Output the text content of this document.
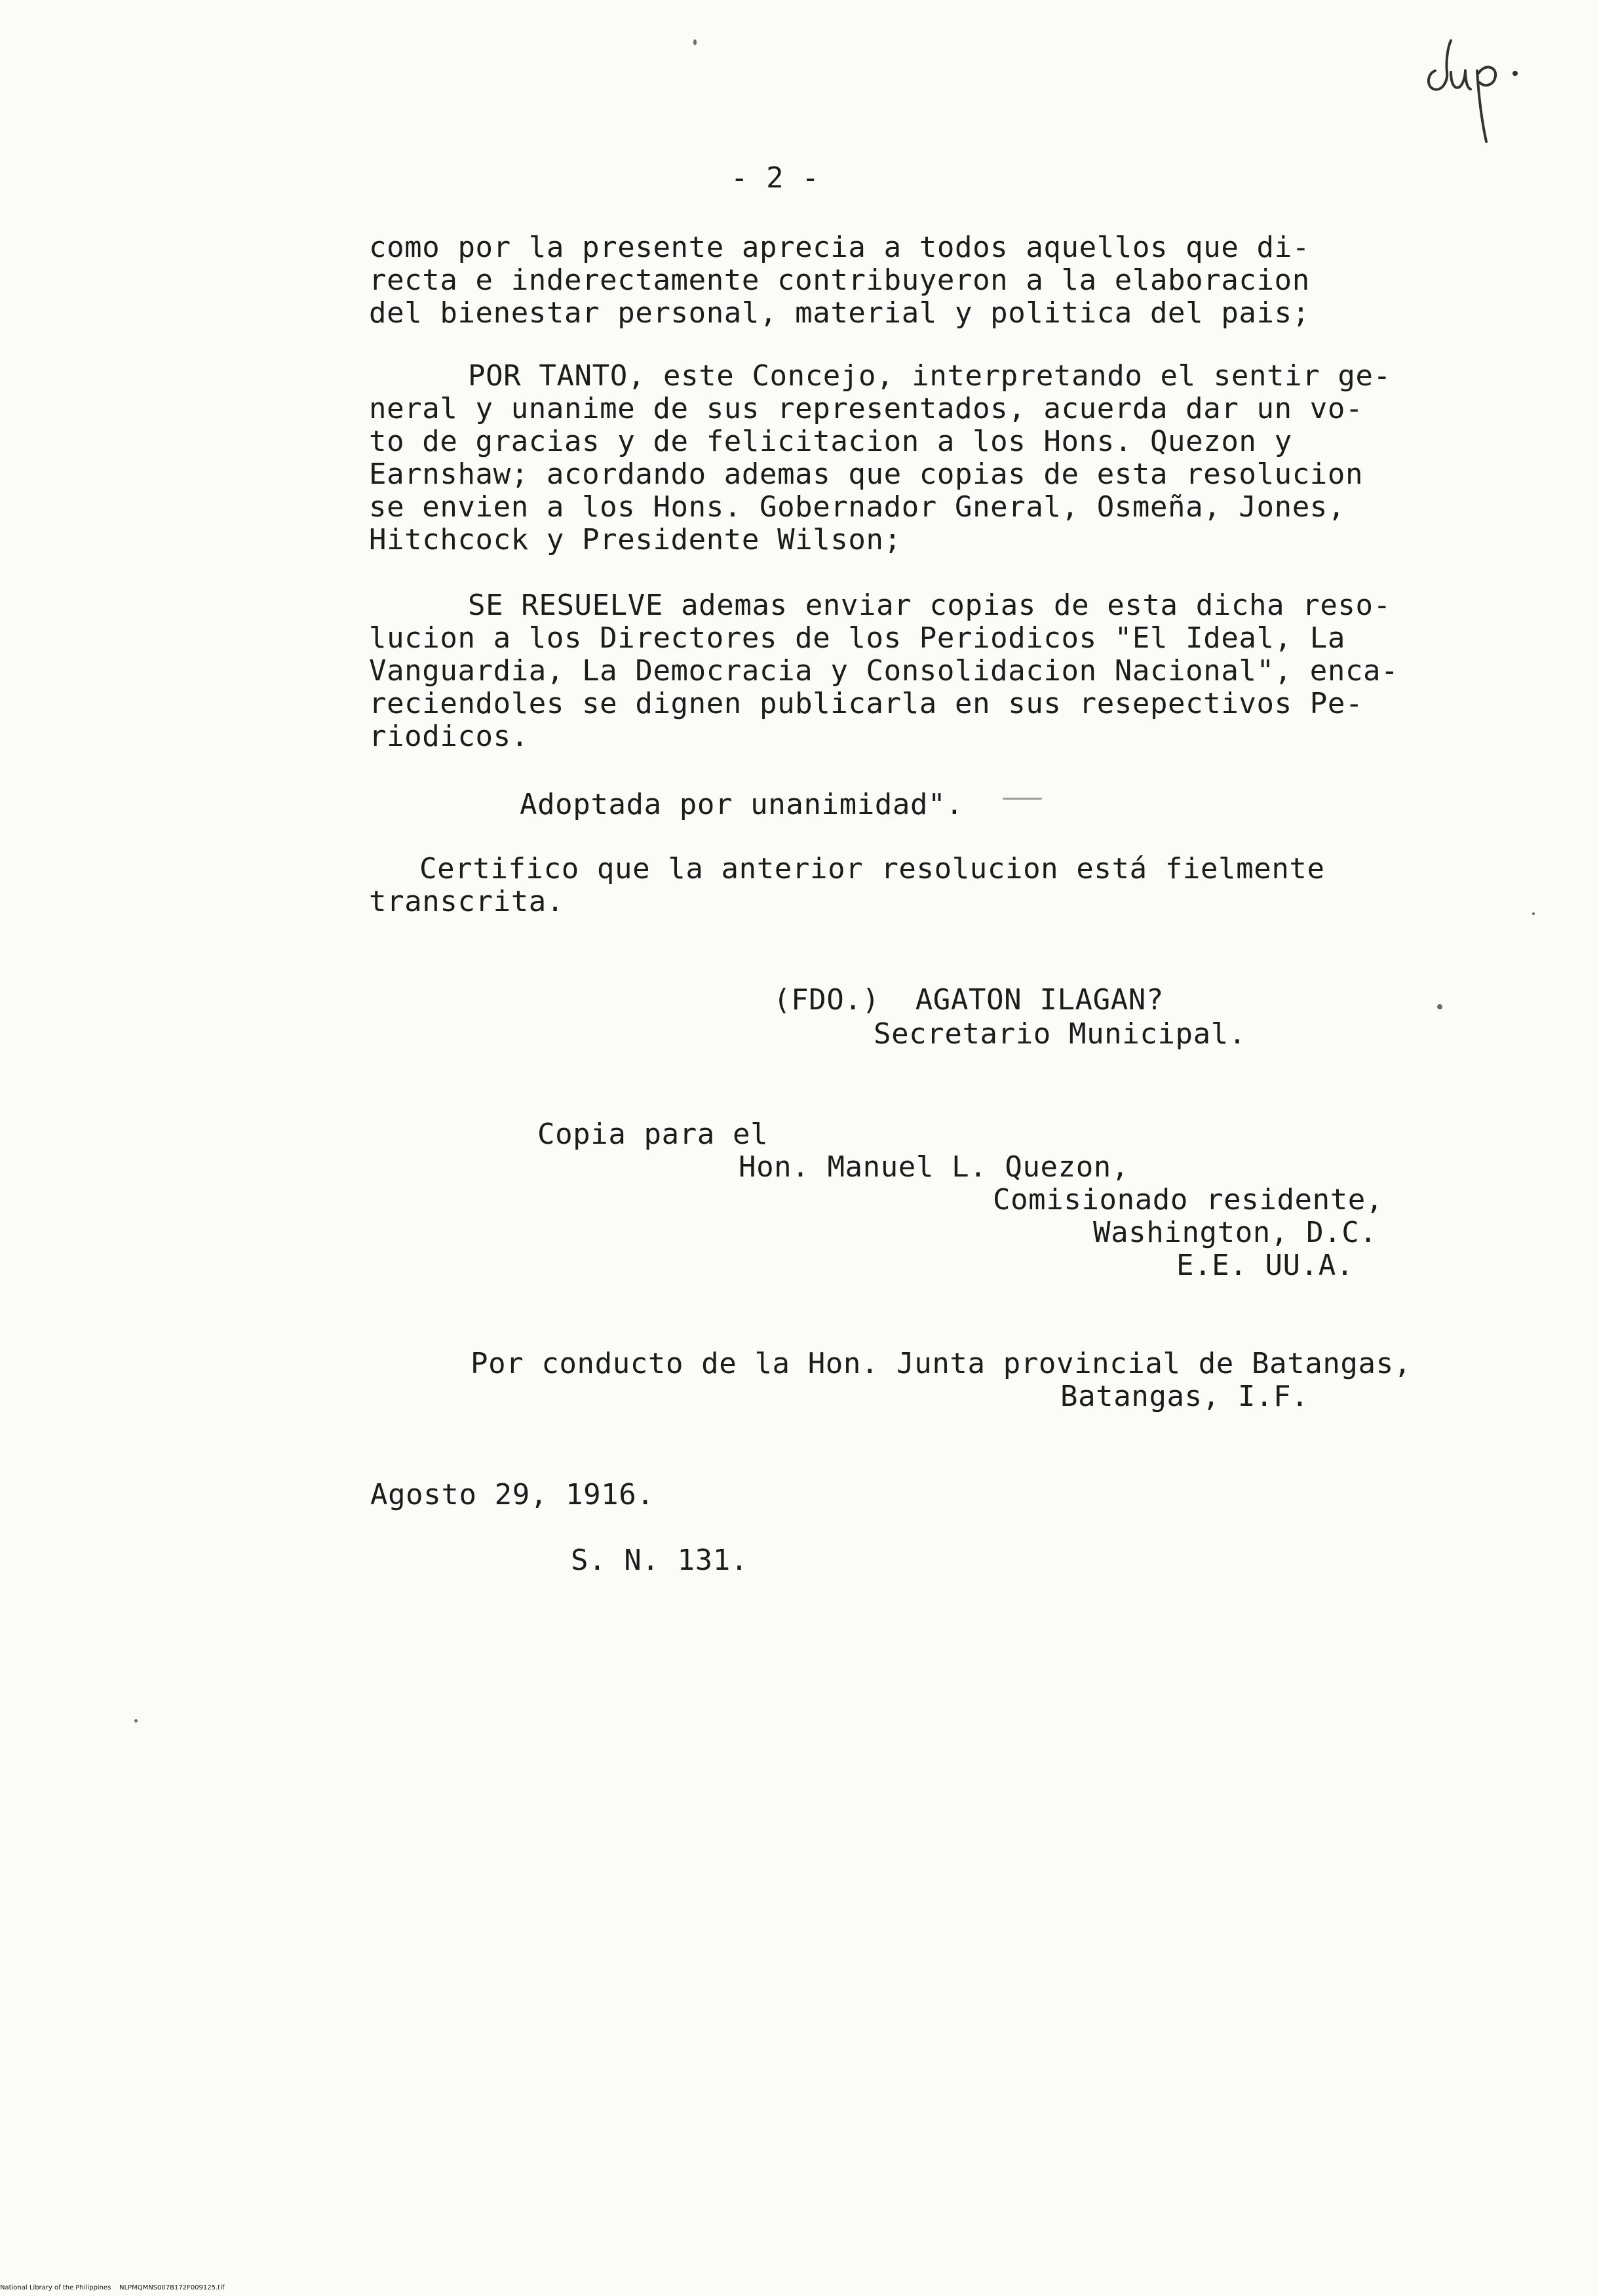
- 2 -
como por la presente aprecia a todos aquellos que di-
recta e inderectamente contribuyeron a la elaboracion
del bienestar personal, material y politica del pais;
POR TANTO, este Concejo, interpretando el sentir ge-
neral y unanime de sus representados, acuerda dar un vo-
to de gracias y de felicitacion a los Hons. Quezon y
Earnshaw; acordando ademas que copias de esta resolucion
se envien a los Hons. Gobernador Gneral, Osmeña, Jones,
Hitchcock y Presidente Wilson;
SE RESUELVE ademas enviar copias de esta dicha reso-
lucion a los Directores de los Periodicos "El Ideal, La
Vanguardia, La Democracia y Consolidacion Nacional", enca-
reciendoles se dignen publicarla en sus resepectivos Pe-
riodicos.
Adoptada por unanimidad".
Certifico que la anterior resolucion está fielmente
transcrita.
(FDO.)  AGATON ILAGAN?
Secretario Municipal.
Copia para el
Hon. Manuel L. Quezon,
Comisionado residente,
Washington, D.C.
E.E. UU.A.
Por conducto de la Hon. Junta provincial de Batangas,
Batangas, I.F.
Agosto 29, 1916.
S. N. 131.
National Library of the Philippines    NLPMQMNS007B172F009125.tif
